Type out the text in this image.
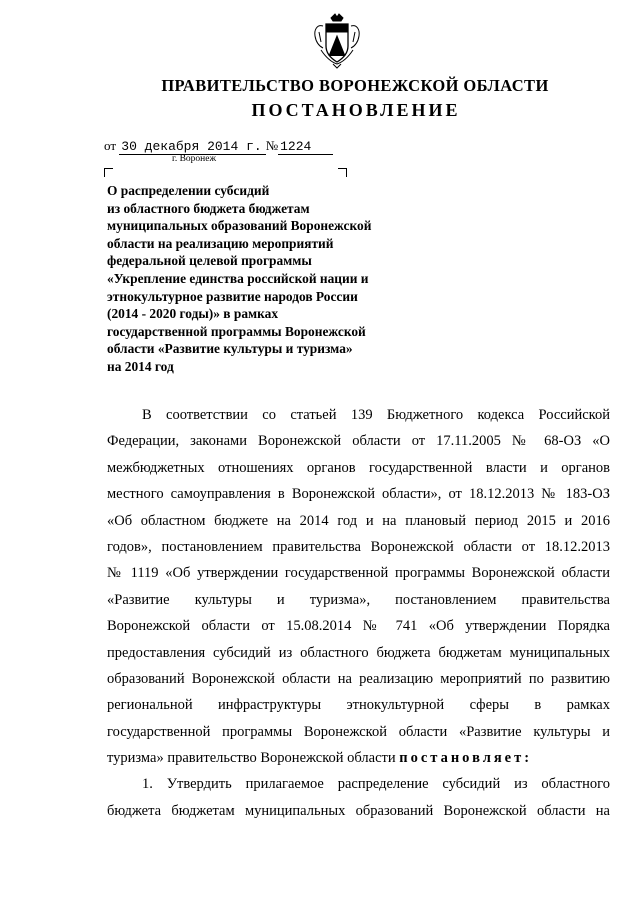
ПРАВИТЕЛЬСТВО ВОРОНЕЖСКОЙ ОБЛАСТИ
ПОСТАНОВЛЕНИЕ
от 30 декабря 2014 г. № 1224
г. Воронеж
О распределении субсидий
из областного бюджета бюджетам
муниципальных образований Воронежской
области на реализацию мероприятий
федеральной целевой программы
«Укрепление единства российской нации и
этнокультурное развитие народов России
(2014 - 2020 годы)» в рамках
государственной программы Воронежской
области «Развитие культуры и туризма»
на 2014 год
В соответствии со статьей 139 Бюджетного кодекса Российской
Федерации, законами Воронежской области от 17.11.2005 № 68-ОЗ «О
межбюджетных отношениях органов государственной власти и органов
местного самоуправления в Воронежской области», от 18.12.2013 № 183-ОЗ
«Об областном бюджете на 2014 год и на плановый период 2015 и 2016
годов», постановлением правительства Воронежской области от 18.12.2013
№ 1119 «Об утверждении государственной программы Воронежской области
«Развитие культуры и туризма», постановлением правительства
Воронежской области от 15.08.2014 № 741 «Об утверждении Порядка
предоставления субсидий из областного бюджета бюджетам муниципальных
образований Воронежской области на реализацию мероприятий по развитию
региональной инфраструктуры этнокультурной сферы в рамках
государственной программы Воронежской области «Развитие культуры и
туризма» правительство Воронежской области постановляет:
1. Утвердить прилагаемое распределение субсидий из областного
бюджета бюджетам муниципальных образований Воронежской области на
